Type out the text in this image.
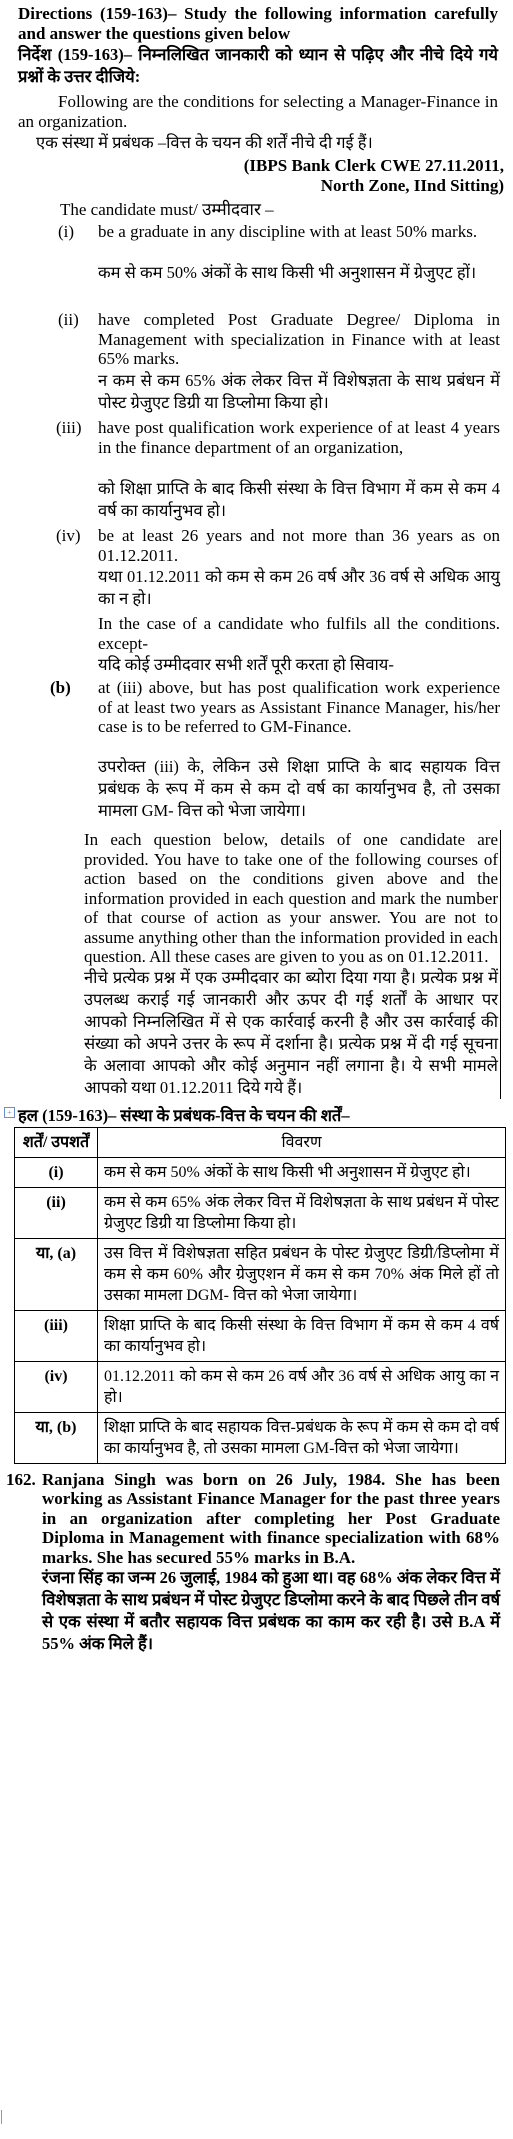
Directions (159-163)– Study the following information carefully and answer the questions given below

निर्देश (159-163)– निम्नलिखित जानकारी को ध्यान से पढ़िए और नीचे दिये गये प्रश्नों के उत्तर दीजिये:

Following are the conditions for selecting a Manager-Finance in an organization.

एक संस्था में प्रबंधक –वित्त के चयन की शर्तें नीचे दी गई हैं।

(IBPS Bank Clerk CWE 27.11.2011,

North Zone, IInd Sitting)

The candidate must/ उम्मीदवार –

(i) be a graduate in any discipline with at least 50% marks.

कम से कम 50% अंकों के साथ किसी भी अनुशासन में ग्रेजुएट हों।

(ii) have completed Post Graduate Degree/ Diploma in Management with specialization in Finance with at least 65% marks.

न कम से कम 65% अंक लेकर वित्त में विशेषज्ञता के साथ प्रबंधन में पोस्ट ग्रेजुएट डिग्री या डिप्लोमा किया हो।

(iii) have post qualification work experience of at least 4 years in the finance department of an organization,

को शिक्षा प्राप्ति के बाद किसी संस्था के वित्त विभाग में कम से कम 4 वर्ष का कार्यानुभव हो।

(iv) be at least 26 years and not more than 36 years as on 01.12.2011.

यथा 01.12.2011 को कम से कम 26 वर्ष और 36 वर्ष से अधिक आयु का न हो।

In the case of a candidate who fulfils all the conditions. except-

यदि कोई उम्मीदवार सभी शर्तें पूरी करता हो सिवाय-

(b) at (iii) above, but has post qualification work experience of at least two years as Assistant Finance Manager, his/her case is to be referred to GM-Finance.

उपरोक्त (iii) के, लेकिन उसे शिक्षा प्राप्ति के बाद सहायक वित्त प्रबंधक के रूप में कम से कम दो वर्ष का कार्यानुभव है, तो उसका मामला GM- वित्त को भेजा जायेगा।

In each question below, details of one candidate are provided. You have to take one of the following courses of action based on the conditions given above and the information provided in each question and mark the number of that course of action as your answer. You are not to assume anything other than the information provided in each question. All these cases are given to you as on 01.12.2011.

नीचे प्रत्येक प्रश्न में एक उम्मीदवार का ब्योरा दिया गया है। प्रत्येक प्रश्न में उपलब्ध कराई गई जानकारी और ऊपर दी गई शर्तों के आधार पर आपको निम्नलिखित में से एक कार्रवाई करनी है और उस कार्रवाई की संख्या को अपने उत्तर के रूप में दर्शाना है। प्रत्येक प्रश्न में दी गई सूचना के अलावा आपको और कोई अनुमान नहीं लगाना है। ये सभी मामले आपको यथा 01.12.2011 दिये गये हैं।

+ हल (159-163)– संस्था के प्रबंधक-वित्त के चयन की शर्तें–

शर्तें/ उपशर्तें	विवरण
(i)	कम से कम 50% अंकों के साथ किसी भी अनुशासन में ग्रेजुएट हो।
(ii)	कम से कम 65% अंक लेकर वित्त में विशेषज्ञता के साथ प्रबंधन में पोस्ट ग्रेजुएट डिग्री या डिप्लोमा किया हो।
या, (a)	उस वित्त में विशेषज्ञता सहित प्रबंधन के पोस्ट ग्रेजुएट डिग्री/डिप्लोमा में कम से कम 60% और ग्रेजुएशन में कम से कम 70% अंक मिले हों तो उसका मामला DGM- वित्त को भेजा जायेगा।
(iii)	शिक्षा प्राप्ति के बाद किसी संस्था के वित्त विभाग में कम से कम 4 वर्ष का कार्यानुभव हो।
(iv)	01.12.2011 को कम से कम 26 वर्ष और 36 वर्ष से अधिक आयु का न हो।
या, (b)	शिक्षा प्राप्ति के बाद सहायक वित्त-प्रबंधक के रूप में कम से कम दो वर्ष का कार्यानुभव है, तो उसका मामला GM-वित्त को भेजा जायेगा।
162. Ranjana Singh was born on 26 July, 1984. She has been working as Assistant Finance Manager for the past three years in an organization after completing her Post Graduate Diploma in Management with finance specialization with 68% marks. She has secured 55% marks in B.A.

रंजना सिंह का जन्म 26 जुलाई, 1984 को हुआ था। वह 68% अंक लेकर वित्त में विशेषज्ञता के साथ प्रबंधन में पोस्ट ग्रेजुएट डिप्लोमा करने के बाद पिछले तीन वर्ष से एक संस्था में बतौर सहायक वित्त प्रबंधक का काम कर रही है। उसे B.A में 55% अंक मिले हैं।
